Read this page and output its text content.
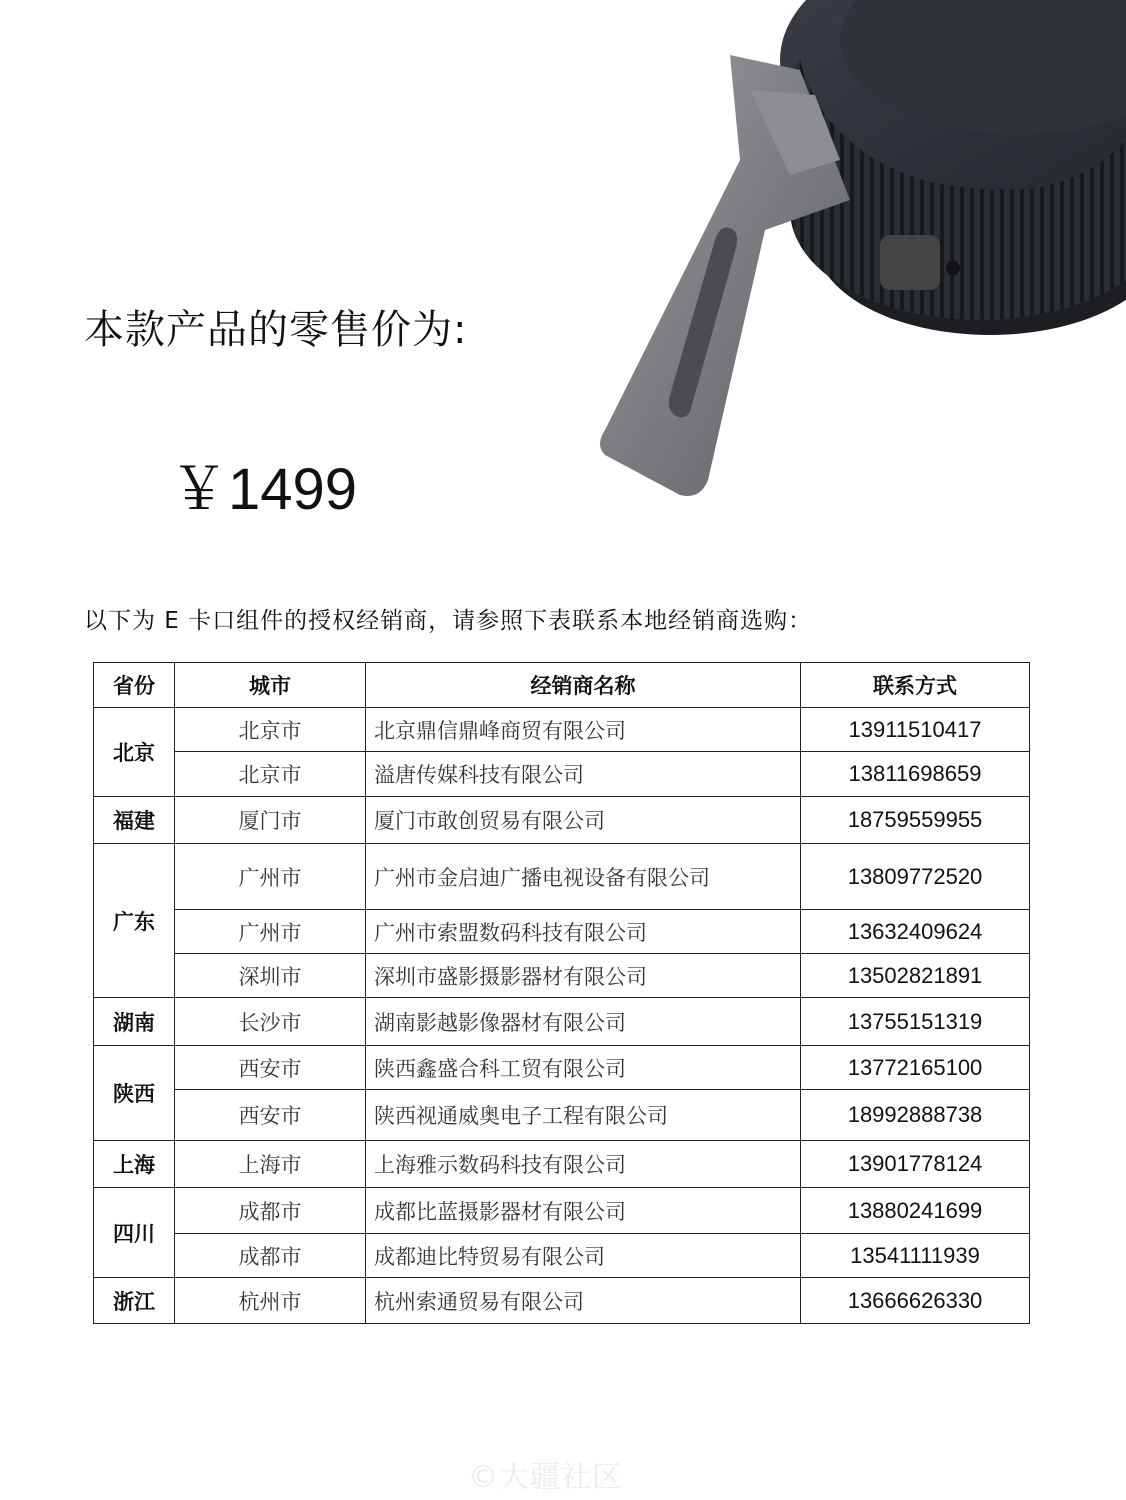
本款产品的零售价为:
￥1499
以下为 E 卡口组件的授权经销商，请参照下表联系本地经销商选购：
省份	城市	经销商名称	联系方式
北京	北京市	北京鼎信鼎峰商贸有限公司	13911510417
	北京市	溢唐传媒科技有限公司	13811698659
福建	厦门市	厦门市敢创贸易有限公司	18759559955
广东	广州市	广州市金启迪广播电视设备有限公司	13809772520
	广州市	广州市索盟数码科技有限公司	13632409624
	深圳市	深圳市盛影摄影器材有限公司	13502821891
湖南	长沙市	湖南影越影像器材有限公司	13755151319
陕西	西安市	陕西鑫盛合科工贸有限公司	13772165100
	西安市	陕西视通威奥电子工程有限公司	18992888738
上海	上海市	上海雅示数码科技有限公司	13901778124
四川	成都市	成都比蓝摄影器材有限公司	13880241699
	成都市	成都迪比特贸易有限公司	13541111939
浙江	杭州市	杭州索通贸易有限公司	13666626330
©大疆社区
